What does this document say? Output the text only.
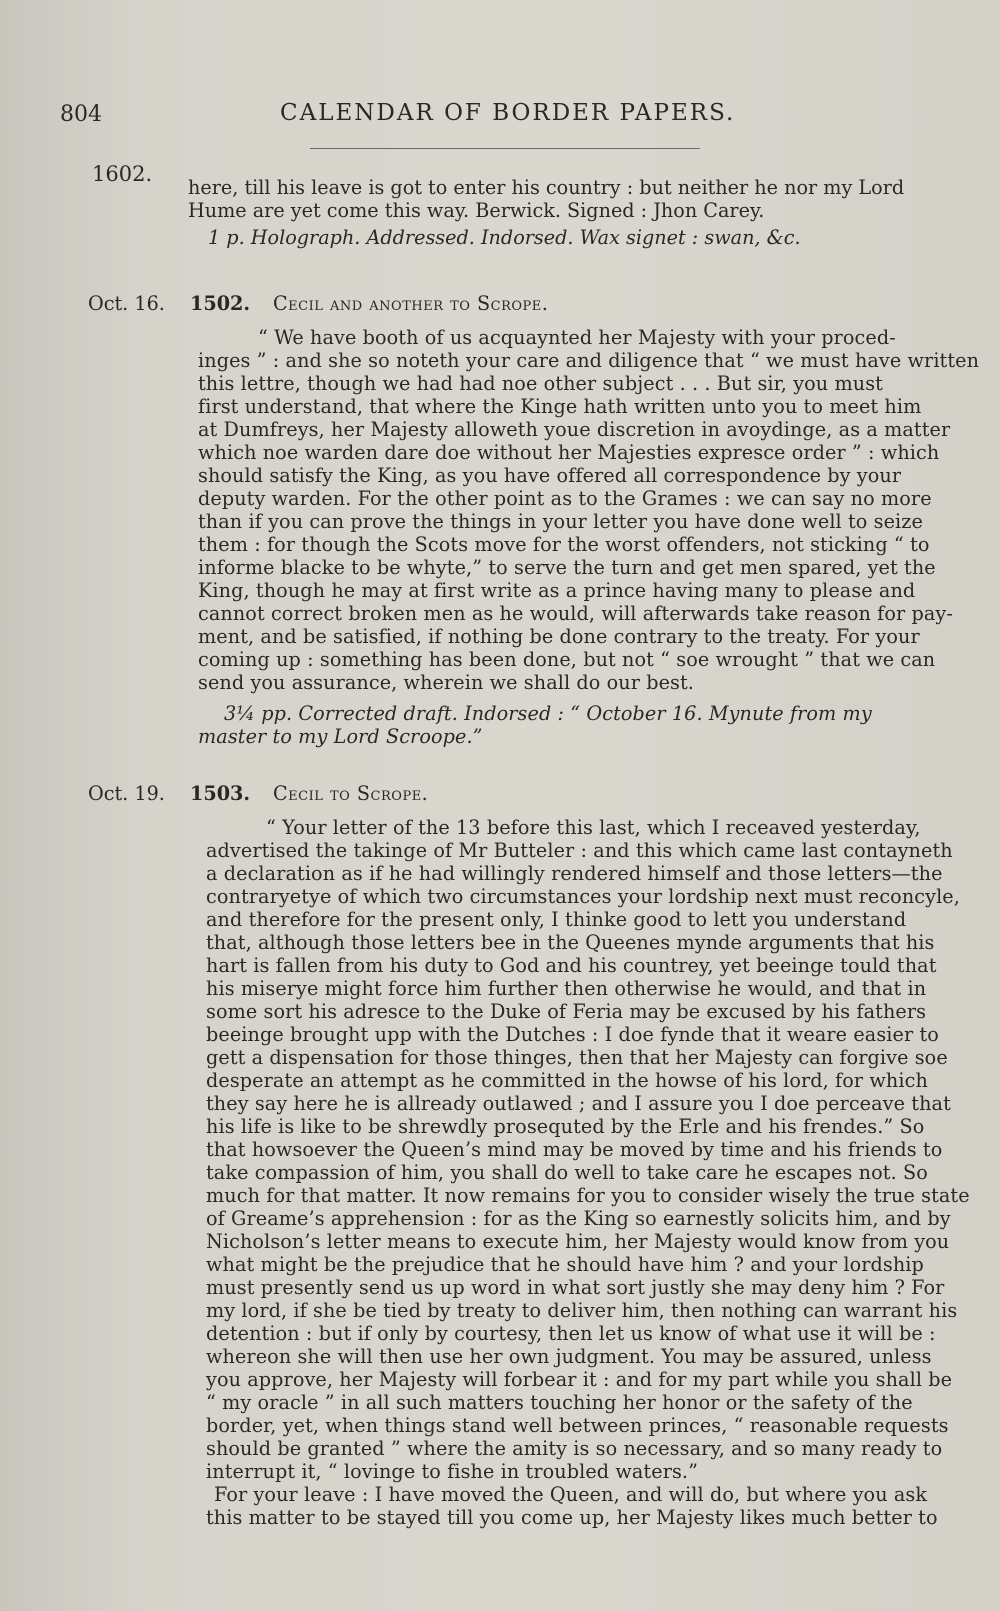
804	CALENDAR OF BORDER PAPERS.
1602.
here, till his leave is got to enter his country : but neither he nor my Lord
Hume are yet come this way. Berwick. Signed : Jhon Carey.
1 p. Holograph. Addressed. Indorsed. Wax signet : swan, &c.
Oct. 16. 1502. Cecil and another to Scrope.
“ We have booth of us acquaynted her Majesty with your proced-
inges ” : and she so noteth your care and diligence that “ we must have written
this lettre, though we had had noe other subject . . . But sir, you must
first understand, that where the Kinge hath written unto you to meet him
at Dumfreys, her Majesty alloweth youe discretion in avoydinge, as a matter
which noe warden dare doe without her Majesties exprescе order ” : which
should satisfy the King, as you have offered all correspondence by your
deputy warden. For the other point as to the Grames : we can say no more
than if you can prove the things in your letter you have done well to seize
them : for though the Scots move for the worst offenders, not sticking “ to
informe blacke to be whyte,” to serve the turn and get men spared, yet the
King, though he may at first write as a prince having many to please and
cannot correct broken men as he would, will afterwards take reason for pay-
ment, and be satisfied, if nothing be done contrary to the treaty. For your
coming up : something has been done, but not “ soe wrought ” that we can
send you assurance, wherein we shall do our best.
3¼ pp. Corrected draft. Indorsed : “ October 16. Mynute from my
master to my Lord Scroope.”
Oct. 19. 1503. Cecil to Scrope.
“ Your letter of the 13 before this last, which I receaved yesterday,
advertised the takinge of Mr Butteler : and this which came last contayneth
a declaration as if he had willingly rendered himself and those letters—the
contraryetye of which two circumstances your lordship next must reconcyle,
and therefore for the present only, I thinke good to lett you understand
that, although those letters bee in the Queenes mynde arguments that his
hart is fallen from his duty to God and his countrey, yet beeinge tould that
his miserye might force him further then otherwise he would, and that in
some sort his adresce to the Duke of Feria may be excused by his fathers
beeinge brought upp with the Dutches : I doe fynde that it weare easier to
gett a dispensation for those thinges, then that her Majesty can forgive soe
desperate an attempt as he committed in the howse of his lord, for which
they say here he is allready outlawed ; and I assure you I doe perceave that
his life is like to be shrewdly prosequted by the Erle and his frendes.” So
that howsoever the Queen’s mind may be moved by time and his friends to
take compassion of him, you shall do well to take care he escapes not. So
much for that matter. It now remains for you to consider wisely the true state
of Greame’s apprehension : for as the King so earnestly solicits him, and by
Nicholson’s letter means to execute him, her Majesty would know from you
what might be the prejudice that he should have him ? and your lordship
must presently send us up word in what sort justly she may deny him ? For
my lord, if she be tied by treaty to deliver him, then nothing can warrant his
detention : but if only by courtesy, then let us know of what use it will be :
whereon she will then use her own judgment. You may be assured, unless
you approve, her Majesty will forbear it : and for my part while you shall be
“ my oracle ” in all such matters touching her honor or the safety of the
border, yet, when things stand well between princes, “ reasonable requests
should be granted ” where the amity is so necessary, and so many ready to
interrupt it, “ lovinge to fishe in troubled waters.”
For your leave : I have moved the Queen, and will do, but where you ask
this matter to be stayed till you come up, her Majesty likes much better to
